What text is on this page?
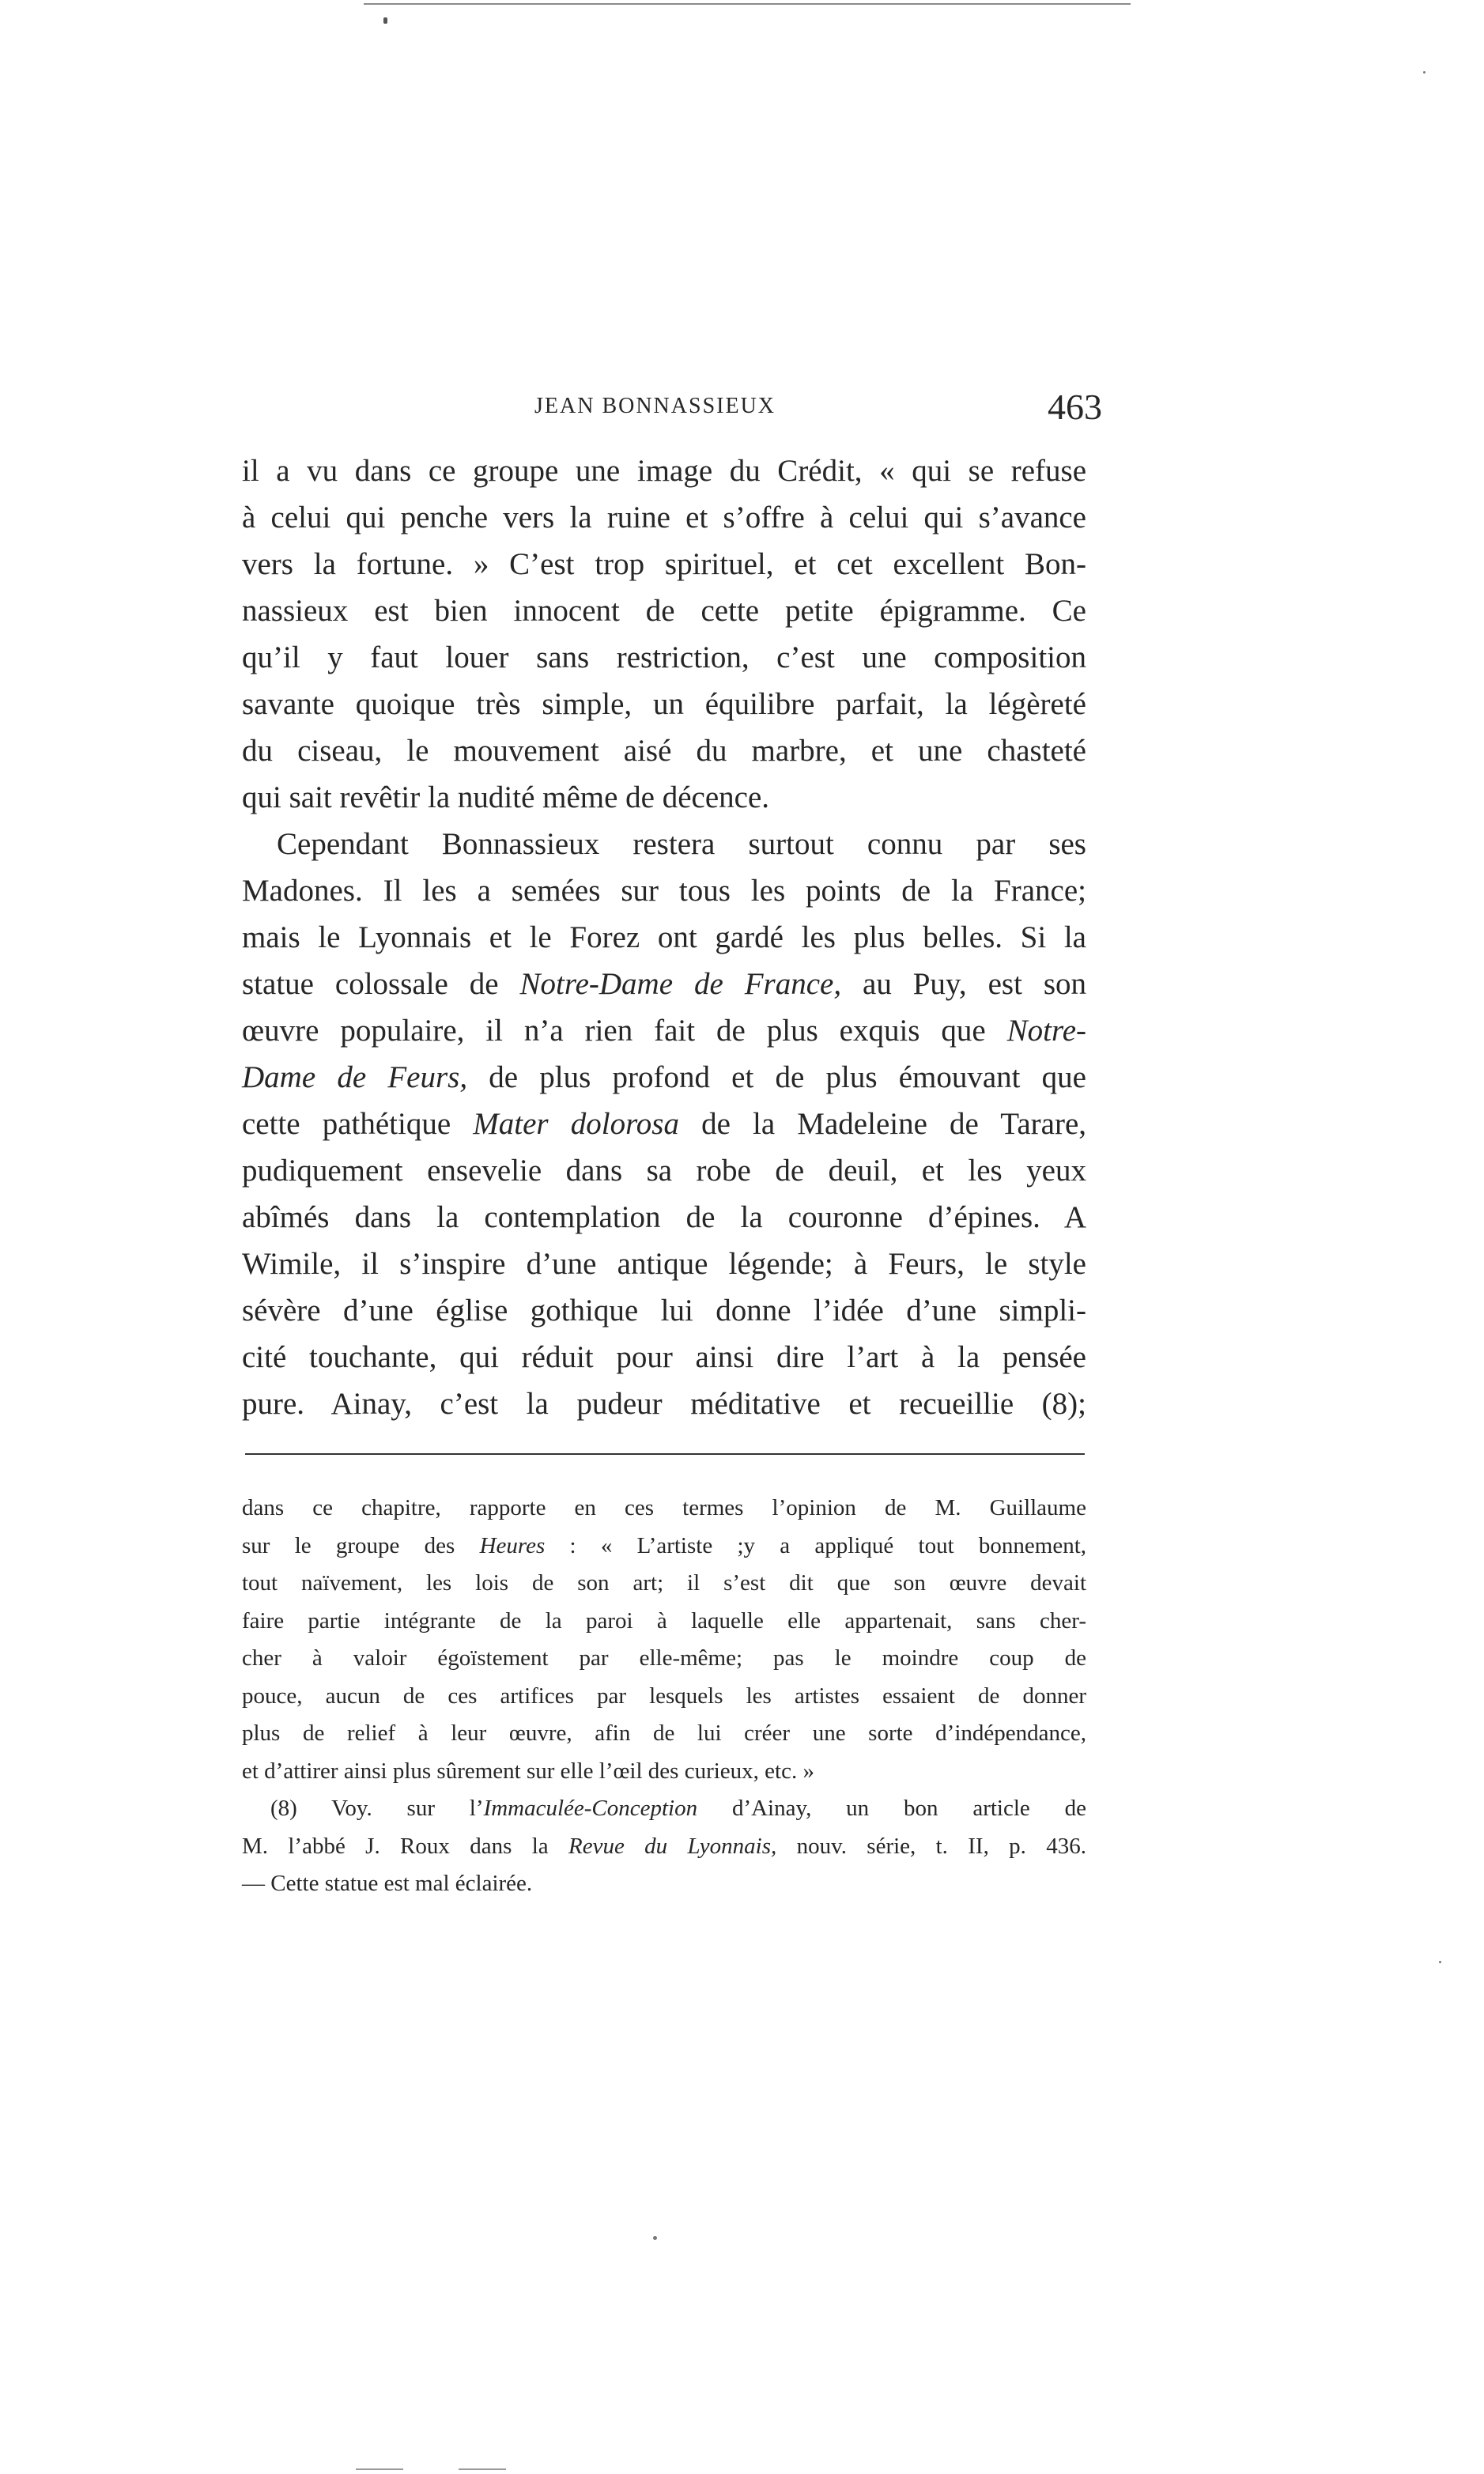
JEAN BONNASSIEUX	463
il a vu dans ce groupe une image du Crédit, « qui se refuse
à celui qui penche vers la ruine et s’offre à celui qui s’avance
vers la fortune. » C’est trop spirituel, et cet excellent Bon-
nassieux est bien innocent de cette petite épigramme. Ce
qu’il y faut louer sans restriction, c’est une composition
savante quoique très simple, un équilibre parfait, la légèreté
du ciseau, le mouvement aisé du marbre, et une chasteté
qui sait revêtir la nudité même de décence.
Cependant Bonnassieux restera surtout connu par ses
Madones. Il les a semées sur tous les points de la France;
mais le Lyonnais et le Forez ont gardé les plus belles. Si la
statue colossale de Notre-Dame de France, au Puy, est son
œuvre populaire, il n’a rien fait de plus exquis que Notre-
Dame de Feurs, de plus profond et de plus émouvant que
cette pathétique Mater dolorosa de la Madeleine de Tarare,
pudiquement ensevelie dans sa robe de deuil, et les yeux
abîmés dans la contemplation de la couronne d’épines. A
Wimile, il s’inspire d’une antique légende; à Feurs, le style
sévère d’une église gothique lui donne l’idée d’une simpli-
cité touchante, qui réduit pour ainsi dire l’art à la pensée
pure. Ainay, c’est la pudeur méditative et recueillie (8);
dans ce chapitre, rapporte en ces termes l’opinion de M. Guillaume
sur le groupe des Heures : « L’artiste ;y a appliqué tout bonnement,
tout naïvement, les lois de son art; il s’est dit que son œuvre devait
faire partie intégrante de la paroi à laquelle elle appartenait, sans cher-
cher à valoir égoïstement par elle-même; pas le moindre coup de
pouce, aucun de ces artifices par lesquels les artistes essaient de donner
plus de relief à leur œuvre, afin de lui créer une sorte d’indépendance,
et d’attirer ainsi plus sûrement sur elle l’œil des curieux, etc. »
(8) Voy. sur l’Immaculée-Conception d’Ainay, un bon article de
M. l’abbé J. Roux dans la Revue du Lyonnais, nouv. série, t. II, p. 436.
— Cette statue est mal éclairée.
